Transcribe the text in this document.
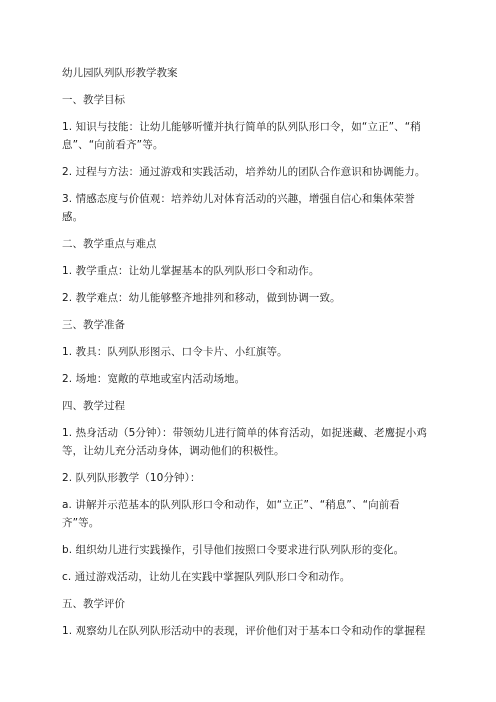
幼儿园队列队形教学教案
一、教学目标
1. 知识与技能：让幼儿能够听懂并执行简单的队列队形口令，如“立正”、“稍息”、“向前看齐”等。
2. 过程与方法：通过游戏和实践活动，培养幼儿的团队合作意识和协调能力。
3. 情感态度与价值观：培养幼儿对体育活动的兴趣，增强自信心和集体荣誉感。
二、教学重点与难点
1. 教学重点：让幼儿掌握基本的队列队形口令和动作。
2. 教学难点：幼儿能够整齐地排列和移动，做到协调一致。
三、教学准备
1. 教具：队列队形图示、口令卡片、小红旗等。
2. 场地：宽敞的草地或室内活动场地。
四、教学过程
1. 热身活动（5分钟）：带领幼儿进行简单的体育活动，如捉迷藏、老鹰捉小鸡等，让幼儿充分活动身体，调动他们的积极性。
2. 队列队形教学（10分钟）：
a. 讲解并示范基本的队列队形口令和动作，如“立正”、“稍息”、“向前看齐”等。
b. 组织幼儿进行实践操作，引导他们按照口令要求进行队列队形的变化。
c. 通过游戏活动，让幼儿在实践中掌握队列队形口令和动作。
五、教学评价
1. 观察幼儿在队列队形活动中的表现，评价他们对于基本口令和动作的掌握程
